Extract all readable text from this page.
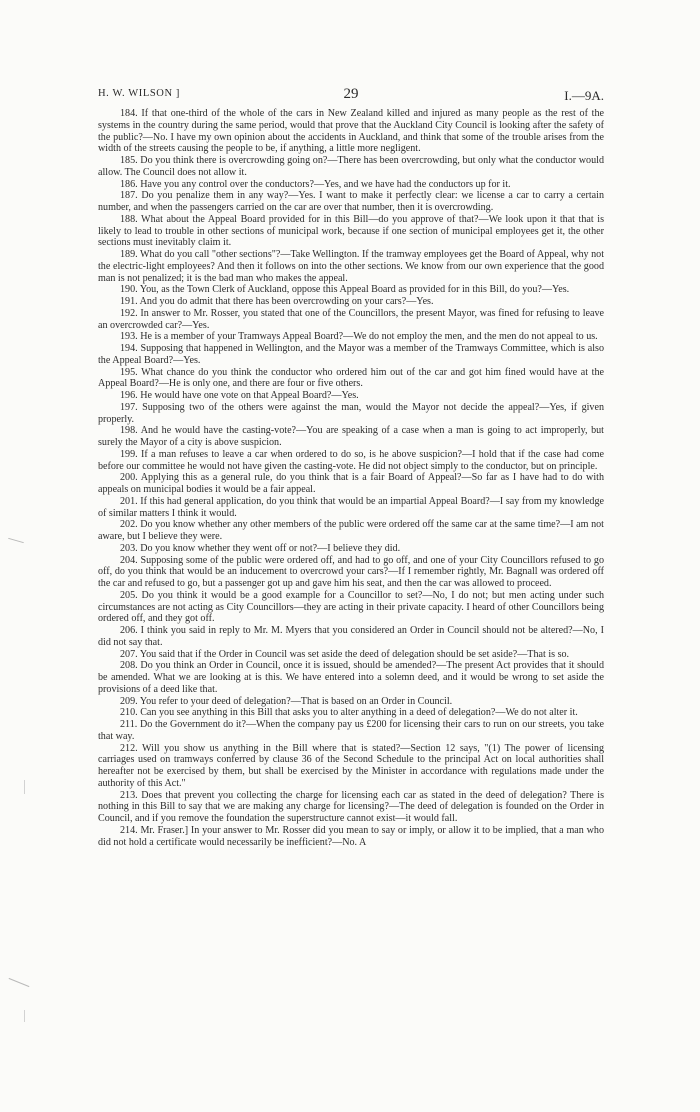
H. W. WILSON ]	29	I.—9A.

184. If that one-third of the whole of the cars in New Zealand killed and injured as many people as the rest of the systems in the country during the same period, would that prove that the Auckland City Council is looking after the safety of the public?—No. I have my own opinion about the accidents in Auckland, and think that some of the trouble arises from the width of the streets causing the people to be, if anything, a little more negligent.

185. Do you think there is overcrowding going on?—There has been overcrowding, but only what the conductor would allow. The Council does not allow it.

186. Have you any control over the conductors?—Yes, and we have had the conductors up for it.

187. Do you penalize them in any way?—Yes. I want to make it perfectly clear: we license a car to carry a certain number, and when the passengers carried on the car are over that number, then it is overcrowding.

188. What about the Appeal Board provided for in this Bill—do you approve of that?—We look upon it that that is likely to lead to trouble in other sections of municipal work, because if one section of municipal employees get it, the other sections must inevitably claim it.

189. What do you call "other sections"?—Take Wellington. If the tramway employees get the Board of Appeal, why not the electric-light employees? And then it follows on into the other sections. We know from our own experience that the good man is not penalized; it is the bad man who makes the appeal.

190. You, as the Town Clerk of Auckland, oppose this Appeal Board as provided for in this Bill, do you?—Yes.

191. And you do admit that there has been overcrowding on your cars?—Yes.

192. In answer to Mr. Rosser, you stated that one of the Councillors, the present Mayor, was fined for refusing to leave an overcrowded car?—Yes.

193. He is a member of your Tramways Appeal Board?—We do not employ the men, and the men do not appeal to us.

194. Supposing that happened in Wellington, and the Mayor was a member of the Tramways Committee, which is also the Appeal Board?—Yes.

195. What chance do you think the conductor who ordered him out of the car and got him fined would have at the Appeal Board?—He is only one, and there are four or five others.

196. He would have one vote on that Appeal Board?—Yes.

197. Supposing two of the others were against the man, would the Mayor not decide the appeal?—Yes, if given properly.

198. And he would have the casting-vote?—You are speaking of a case when a man is going to act improperly, but surely the Mayor of a city is above suspicion.

199. If a man refuses to leave a car when ordered to do so, is he above suspicion?—I hold that if the case had come before our committee he would not have given the casting-vote. He did not object simply to the conductor, but on principle.

200. Applying this as a general rule, do you think that is a fair Board of Appeal?—So far as I have had to do with appeals on municipal bodies it would be a fair appeal.

201. If this had general application, do you think that would be an impartial Appeal Board?—I say from my knowledge of similar matters I think it would.

202. Do you know whether any other members of the public were ordered off the same car at the same time?—I am not aware, but I believe they were.

203. Do you know whether they went off or not?—I believe they did.

204. Supposing some of the public were ordered off, and had to go off, and one of your City Councillors refused to go off, do you think that would be an inducement to overcrowd your cars?—If I remember rightly, Mr. Bagnall was ordered off the car and refused to go, but a passenger got up and gave him his seat, and then the car was allowed to proceed.

205. Do you think it would be a good example for a Councillor to set?—No, I do not; but men acting under such circumstances are not acting as City Councillors—they are acting in their private capacity. I heard of other Councillors being ordered off, and they got off.

206. I think you said in reply to Mr. M. Myers that you considered an Order in Council should not be altered?—No, I did not say that.

207. You said that if the Order in Council was set aside the deed of delegation should be set aside?—That is so.

208. Do you think an Order in Council, once it is issued, should be amended?—The present Act provides that it should be amended. What we are looking at is this. We have entered into a solemn deed, and it would be wrong to set aside the provisions of a deed like that.

209. You refer to your deed of delegation?—That is based on an Order in Council.

210. Can you see anything in this Bill that asks you to alter anything in a deed of delegation?—We do not alter it.

211. Do the Government do it?—When the company pay us £200 for licensing their cars to run on our streets, you take that way.

212. Will you show us anything in the Bill where that is stated?—Section 12 says, "(1) The power of licensing carriages used on tramways conferred by clause 36 of the Second Schedule to the principal Act on local authorities shall hereafter not be exercised by them, but shall be exercised by the Minister in accordance with regulations made under the authority of this Act."

213. Does that prevent you collecting the charge for licensing each car as stated in the deed of delegation? There is nothing in this Bill to say that we are making any charge for licensing?—The deed of delegation is founded on the Order in Council, and if you remove the foundation the superstructure cannot exist—it would fall.

214. Mr. Fraser.] In your answer to Mr. Rosser did you mean to say or imply, or allow it to be implied, that a man who did not hold a certificate would necessarily be inefficient?—No. A
